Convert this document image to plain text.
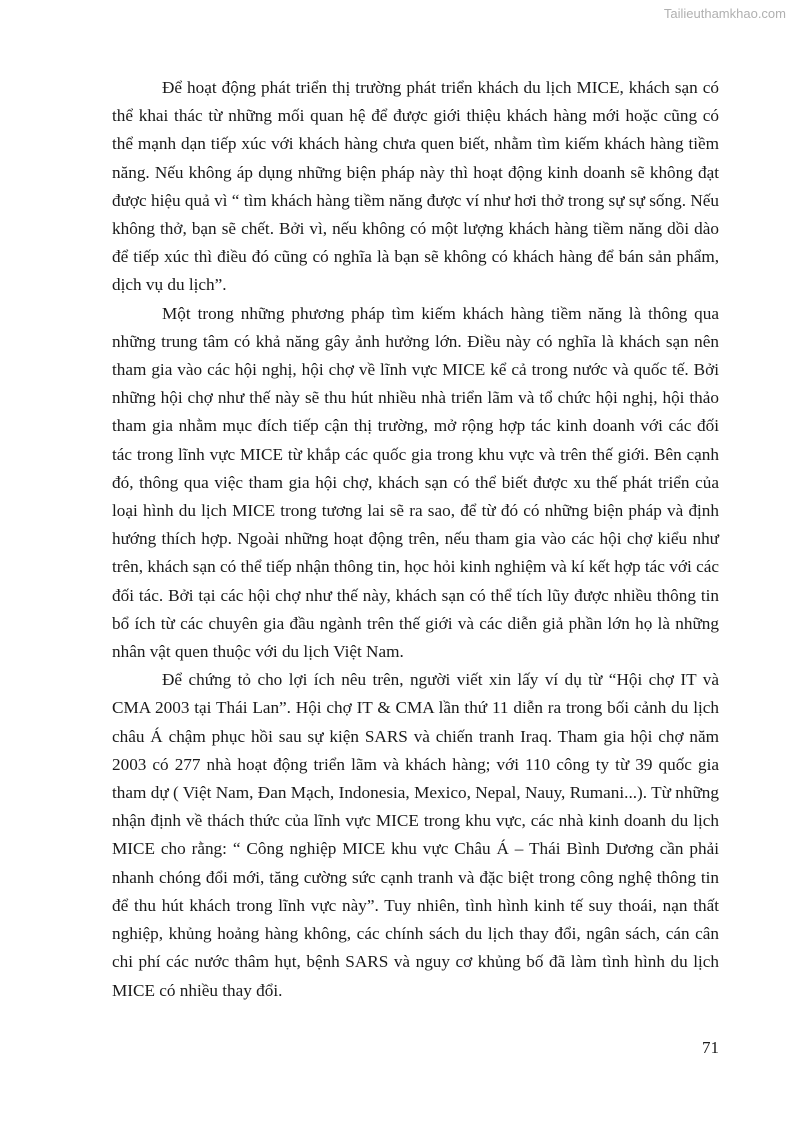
Tailieuthamkhao.com

Để hoạt động phát triển thị trường phát triển khách du lịch MICE, khách sạn có thể khai thác từ những mối quan hệ để được giới thiệu khách hàng mới hoặc cũng có thể mạnh dạn tiếp xúc với khách hàng chưa quen biết, nhằm tìm kiếm khách hàng tiềm năng. Nếu không áp dụng những biện pháp này thì hoạt động kinh doanh sẽ không đạt được hiệu quả vì “ tìm khách hàng tiềm năng được ví như hơi thở trong sự sự sống. Nếu không thở, bạn sẽ chết. Bởi vì, nếu không có một lượng khách hàng tiềm năng dồi dào để tiếp xúc thì điều đó cũng có nghĩa là bạn sẽ không có khách hàng để bán sản phẩm, dịch vụ du lịch”.

Một trong những phương pháp tìm kiếm khách hàng tiềm năng là thông qua những trung tâm có khả năng gây ảnh hưởng lớn. Điều này có nghĩa là khách sạn nên tham gia vào các hội nghị, hội chợ về lĩnh vực MICE kể cả trong nước và quốc tế. Bởi những hội chợ như thế này sẽ thu hút nhiều nhà triển lãm và tổ chức hội nghị, hội thảo tham gia nhằm mục đích tiếp cận thị trường, mở rộng hợp tác kinh doanh với các đối tác trong lĩnh vực MICE từ khắp các quốc gia trong khu vực và trên thế giới. Bên cạnh đó, thông qua việc tham gia hội chợ, khách sạn có thể biết được xu thế phát triển của loại hình du lịch MICE trong tương lai sẽ ra sao, để từ đó có những biện pháp và định hướng thích hợp. Ngoài những hoạt động trên, nếu tham gia vào các hội chợ kiểu như trên, khách sạn có thể tiếp nhận thông tin, học hỏi kinh nghiệm và kí kết hợp tác với các đối tác. Bởi tại các hội chợ như thế này, khách sạn có thể tích lũy được nhiều thông tin bổ ích từ các chuyên gia đầu ngành trên thế giới và các diễn giả phần lớn họ là những nhân vật quen thuộc với du lịch Việt Nam.

Để chứng tỏ cho lợi ích nêu trên, người viết xin lấy ví dụ từ “Hội chợ IT và CMA 2003 tại Thái Lan”. Hội chợ IT & CMA lần thứ 11 diễn ra trong bối cảnh du lịch châu Á chậm phục hồi sau sự kiện SARS và chiến tranh Iraq. Tham gia hội chợ năm 2003 có 277 nhà hoạt động triển lãm và khách hàng; với 110 công ty từ 39 quốc gia tham dự ( Việt Nam, Đan Mạch, Indonesia, Mexico, Nepal, Nauy, Rumani...). Từ những nhận định về thách thức của lĩnh vực MICE trong khu vực, các nhà kinh doanh du lịch MICE cho rằng: “ Công nghiệp MICE khu vực Châu Á – Thái Bình Dương cần phải nhanh chóng đổi mới, tăng cường sức cạnh tranh và đặc biệt trong công nghệ thông tin để thu hút khách trong lĩnh vực này”. Tuy nhiên, tình hình kinh tế suy thoái, nạn thất nghiệp, khủng hoảng hàng không, các chính sách du lịch thay đổi, ngân sách, cán cân chi phí các nước thâm hụt, bệnh SARS và nguy cơ khủng bố đã làm tình hình du lịch MICE có nhiều thay đổi.

71
